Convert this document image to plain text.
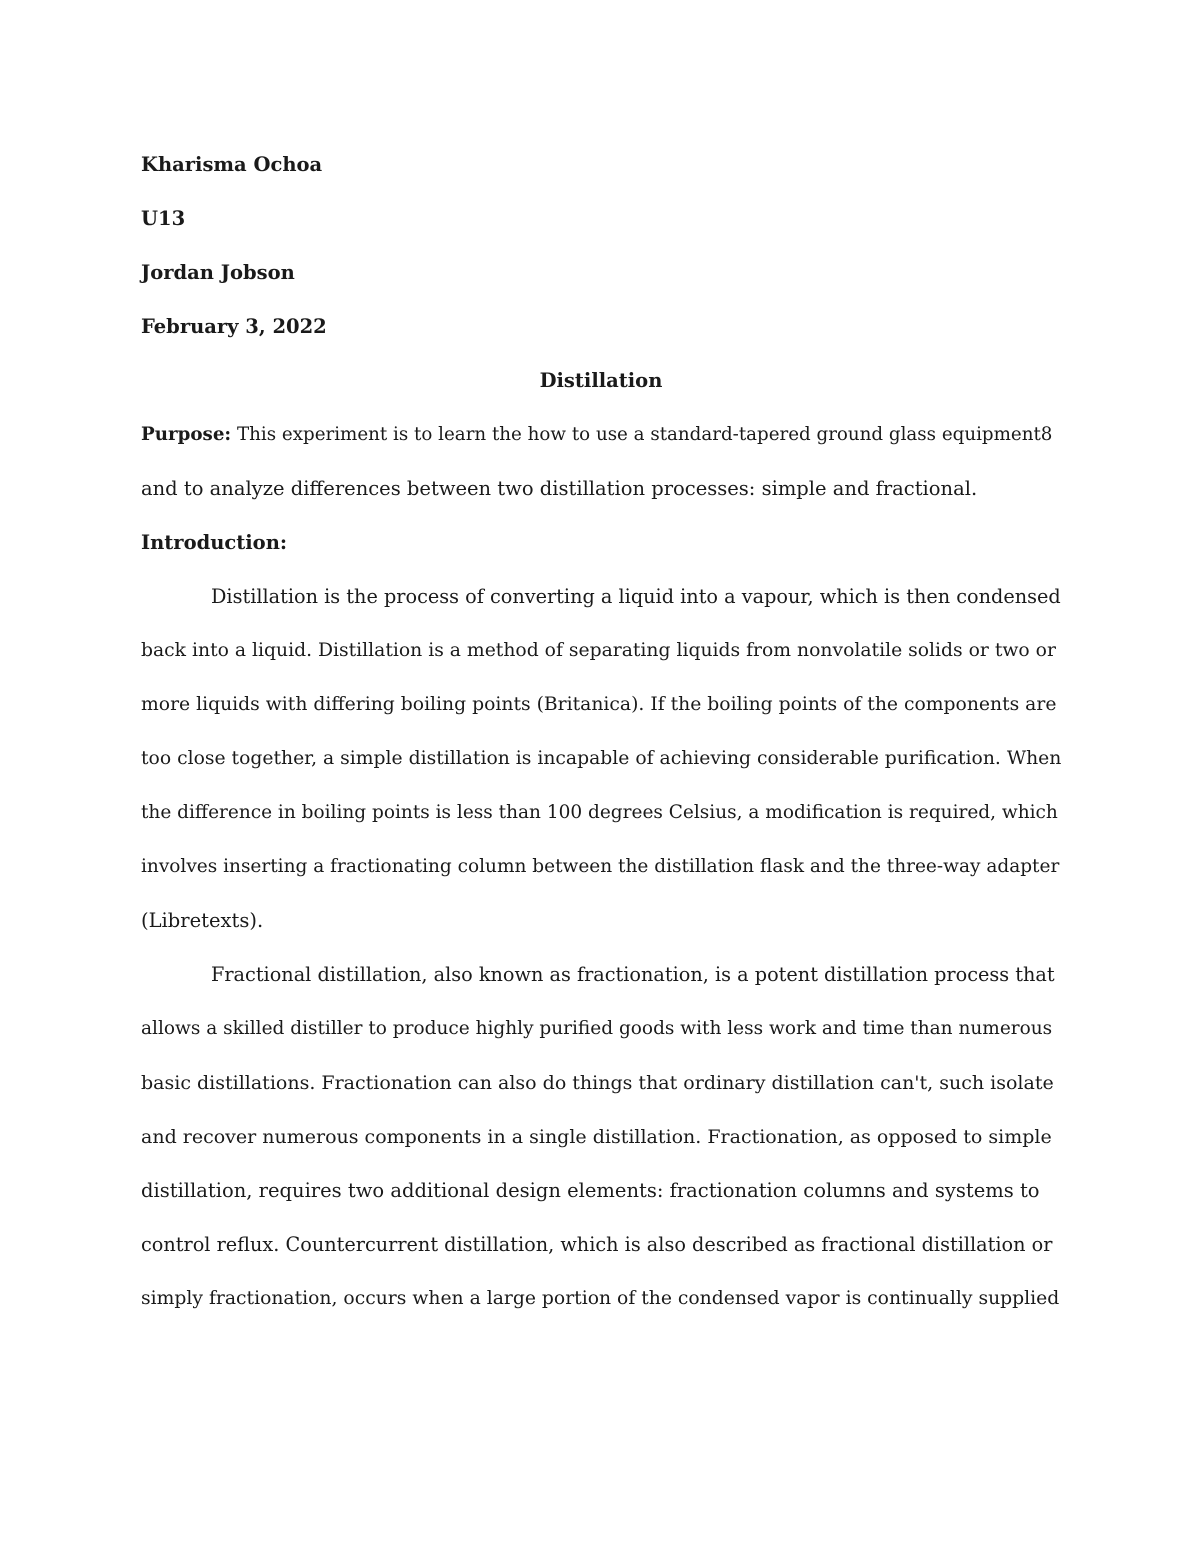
Kharisma Ochoa
U13
Jordan Jobson
February 3, 2022
Distillation
Purpose: This experiment is to learn the how to use a standard-tapered ground glass equipment8
and to analyze differences between two distillation processes: simple and fractional.
Introduction:
Distillation is the process of converting a liquid into a vapour, which is then condensed
back into a liquid. Distillation is a method of separating liquids from nonvolatile solids or two or
more liquids with differing boiling points (Britanica). If the boiling points of the components are
too close together, a simple distillation is incapable of achieving considerable purification. When
the difference in boiling points is less than 100 degrees Celsius, a modification is required, which
involves inserting a fractionating column between the distillation flask and the three-way adapter
(Libretexts).
Fractional distillation, also known as fractionation, is a potent distillation process that
allows a skilled distiller to produce highly purified goods with less work and time than numerous
basic distillations. Fractionation can also do things that ordinary distillation can't, such isolate
and recover numerous components in a single distillation. Fractionation, as opposed to simple
distillation, requires two additional design elements: fractionation columns and systems to
control reflux. Countercurrent distillation, which is also described as fractional distillation or
simply fractionation, occurs when a large portion of the condensed vapor is continually supplied
